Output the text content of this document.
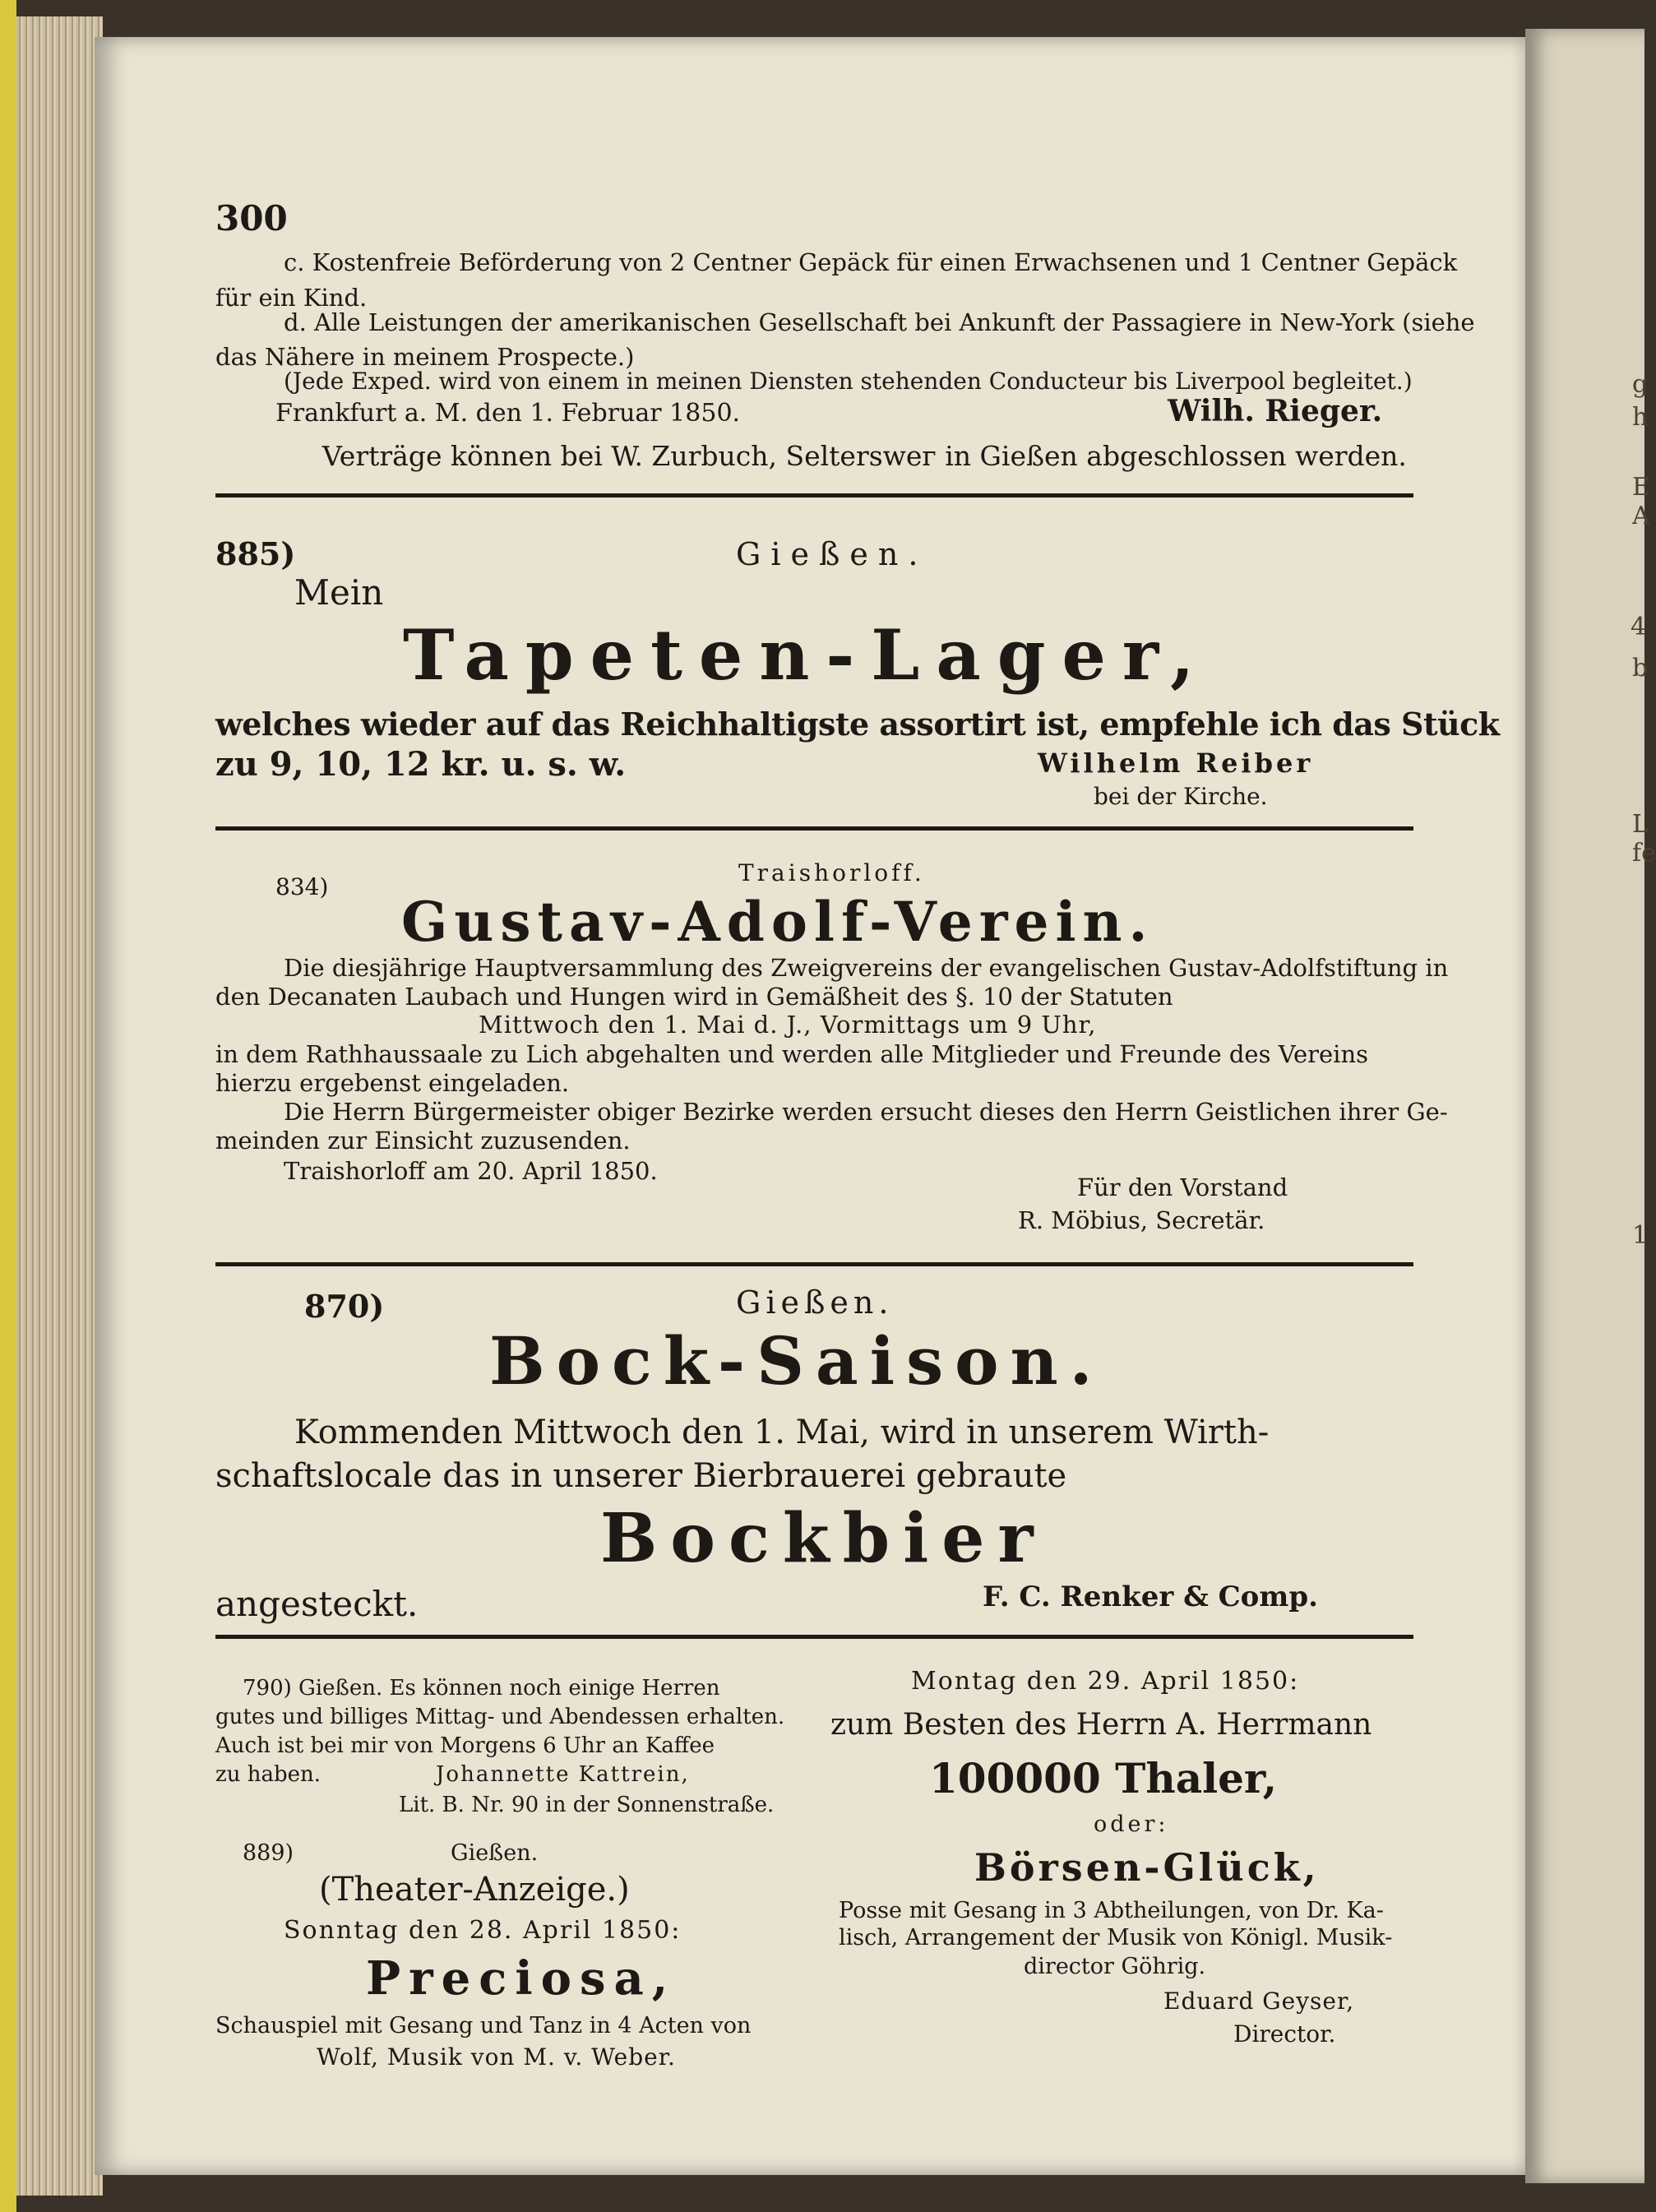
g
h
E
A
4
b
L
fe
1
300
c. Kostenfreie Beförderung von 2 Centner Gepäck für einen Erwachsenen und 1 Centner Gepäck
für ein Kind.
d. Alle Leistungen der amerikanischen Gesellschaft bei Ankunft der Passagiere in New-York (siehe
das Nähere in meinem Prospecte.)
(Jede Exped. wird von einem in meinen Diensten stehenden Conducteur bis Liverpool begleitet.)
Frankfurt a. M. den 1. Februar 1850.	Wilh. Rieger.
Verträge können bei W. Zurbuch, Selterswег in Gießen abgeschlossen werden.
885)	Gießen.
Mein
Tapeten-Lager,
welches wieder auf das Reichhaltigste assortirt ist, empfehle ich das Stück
zu 9, 10, 12 kr. u. s. w.	Wilhelm Reiber
bei der Kirche.
834)
Traishorloff.
Gustav-Adolf-Verein.
Die diesjährige Hauptversammlung des Zweigvereins der evangelischen Gustav-Adolfstiftung in
den Decanaten Laubach und Hungen wird in Gemäßheit des §. 10 der Statuten
Mittwoch den 1. Mai d. J., Vormittags um 9 Uhr,
in dem Rathhaussaale zu Lich abgehalten und werden alle Mitglieder und Freunde des Vereins
hierzu ergebenst eingeladen.
Die Herrn Bürgermeister obiger Bezirke werden ersucht dieses den Herrn Geistlichen ihrer Ge-
meinden zur Einsicht zuzusenden.
Traishorloff am 20. April 1850.
Für den Vorstand
R. Möbius, Secretär.
870)	Gießen.
Bock-Saison.
Kommenden Mittwoch den 1. Mai, wird in unserem Wirth-
schaftslocale das in unserer Bierbrauerei gebraute
Bockbier
angesteckt.	F. C. Renker & Comp.
790) Gießen. Es können noch einige Herren
gutes und billiges Mittag- und Abendessen erhalten.
Auch ist bei mir von Morgens 6 Uhr an Kaffee
zu haben.	Johannette Kattrein,
Lit. B. Nr. 90 in der Sonnenstraße.
889)	Gießen.
(Theater-Anzeige.)
Sonntag den 28. April 1850:
Preciosa,
Schauspiel mit Gesang und Tanz in 4 Acten von
Wolf, Musik von M. v. Weber.
Montag den 29. April 1850:
zum Besten des Herrn A. Herrmann
100000 Thaler,
oder:
Börsen-Glück,
Posse mit Gesang in 3 Abtheilungen, von Dr. Ka-
lisch, Arrangement der Musik von Königl. Musik-
director Göhrig.
Eduard Geyser,
Director.
